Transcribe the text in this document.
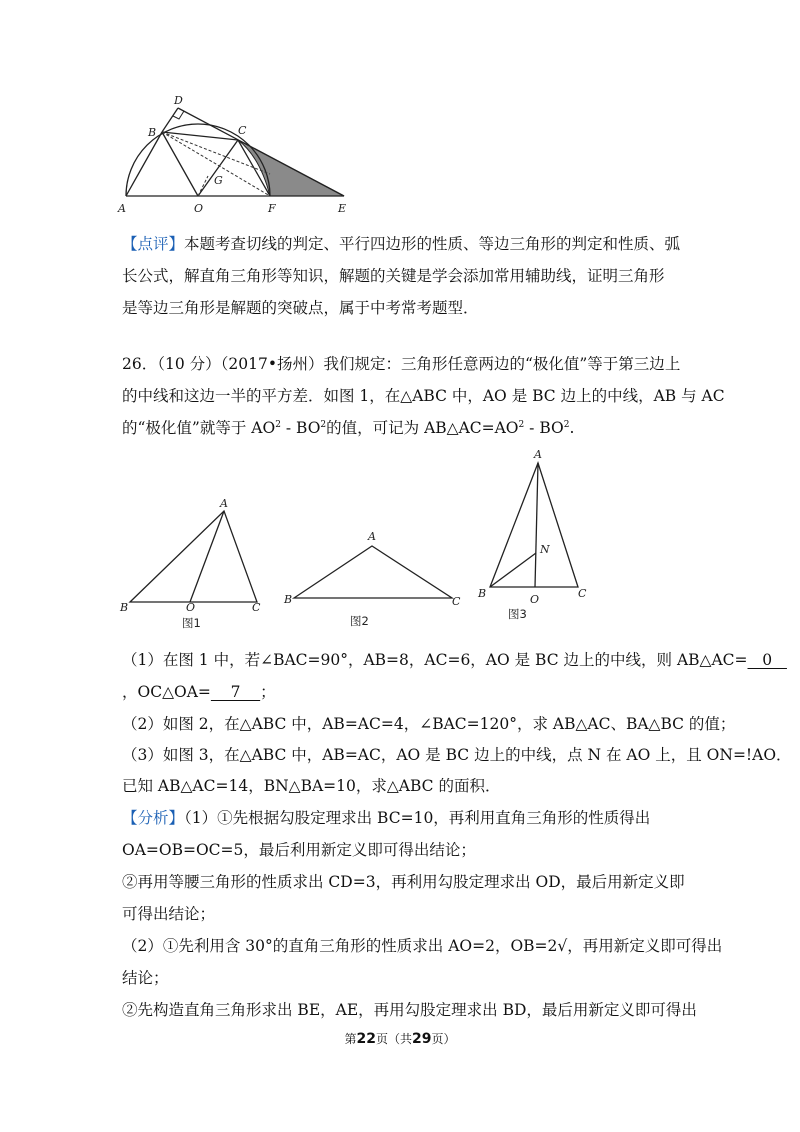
A
B	C
D
G
O	F	E
【点评】本题考查切线的判定、平行四边形的性质、等边三角形的判定和性质、弧
长公式，解直角三角形等知识，解题的关键是学会添加常用辅助线，证明三角形
是等边三角形是解题的突破点，属于中考常考题型．
26．（10 分）（2017•扬州）我们规定：三角形任意两边的“极化值”等于第三边上
的中线和这边一半的平方差．如图 1，在△ABC 中，AO 是 BC 边上的中线，AB 与 AC
的“极化值”就等于 $AO^2 - BO^2$的值，可记为 $AB\triangle AC=AO^2 - BO^2$.
A
B	O	C
图1
A
B	C
图2
A
N
B	O	C
图3
（1）在图 1 中，若∠BAC=90°，AB=8，AC=6，AO 是 BC 边上的中线，则 AB△AC=   0
，OC△OA=    7    ；
（2）如图 2，在△ABC 中，AB=AC=4，∠BAC=120°，求 AB△AC、BA△BC 的值；
（3）如图 3，在△ABC 中，AB=AC，AO 是 BC 边上的中线，点 N 在 AO 上，且 ON=!AO．
已知 AB△AC=14，BN△BA=10，求△ABC 的面积．
【分析】（1）①先根据勾股定理求出 BC=10，再利用直角三角形的性质得出
OA=OB=OC=5，最后利用新定义即可得出结论；
②再用等腰三角形的性质求出 CD=3，再利用勾股定理求出 OD，最后用新定义即
可得出结论；
（2）①先利用含 30°的直角三角形的性质求出 AO=2，OB=2√，再用新定义即可得出
结论；
②先构造直角三角形求出 BE，AE，再用勾股定理求出 BD，最后用新定义即可得出
第22页（共29页）
